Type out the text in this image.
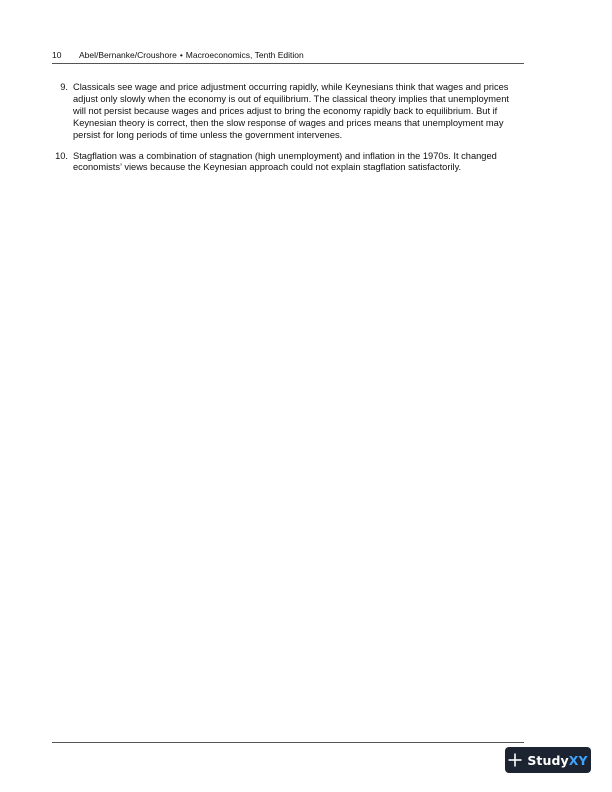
10 Abel/Bernanke/Croushore • Macroeconomics, Tenth Edition
9. Classicals see wage and price adjustment occurring rapidly, while Keynesians think that wages and prices adjust only slowly when the economy is out of equilibrium. The classical theory implies that unemployment will not persist because wages and prices adjust to bring the economy rapidly back to equilibrium. But if Keynesian theory is correct, then the slow response of wages and prices means that unemployment may persist for long periods of time unless the government intervenes.
10. Stagflation was a combination of stagnation (high unemployment) and inflation in the 1970s. It changed economists’ views because the Keynesian approach could not explain stagflation satisfactorily.
StudyXY
